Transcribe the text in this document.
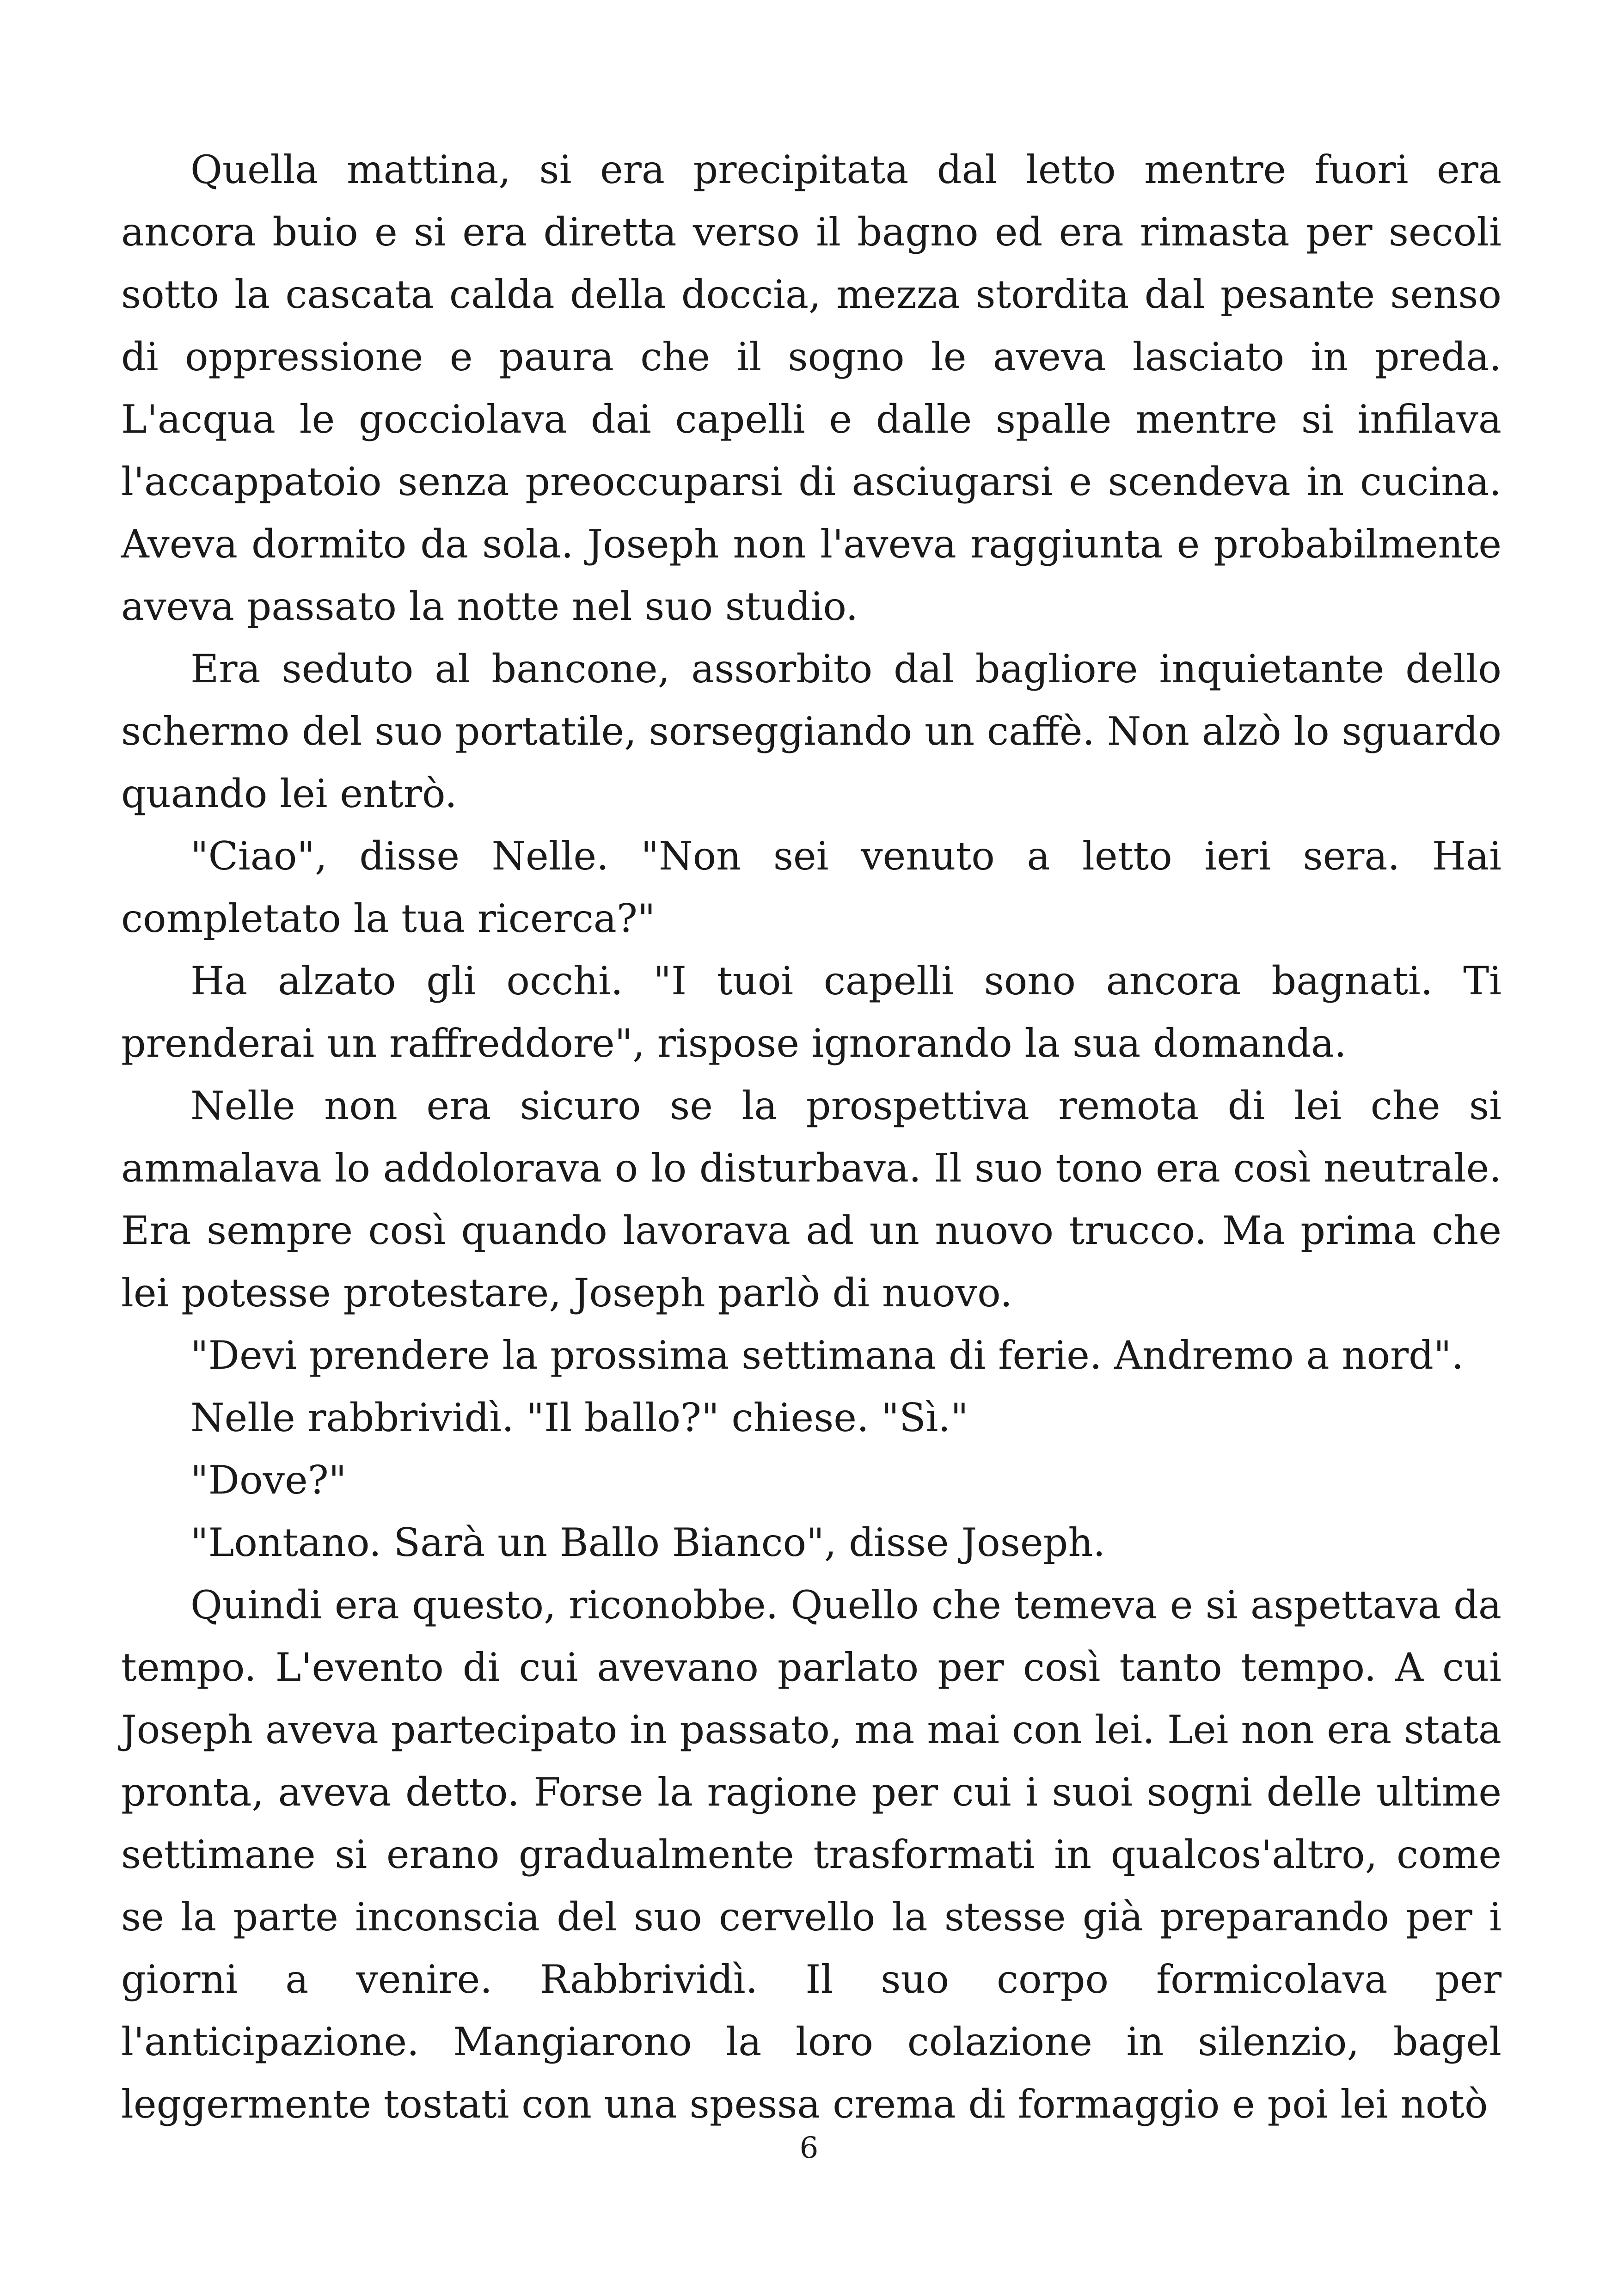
Quella mattina, si era precipitata dal letto mentre fuori era ancora buio e si era diretta verso il bagno ed era rimasta per secoli sotto la cascata calda della doccia, mezza stordita dal pesante senso di oppressione e paura che il sogno le aveva lasciato in preda. L'acqua le gocciolava dai capelli e dalle spalle mentre si infilava l'accappatoio senza preoccuparsi di asciugarsi e scendeva in cucina. Aveva dormito da sola. Joseph non l'aveva raggiunta e probabilmente aveva passato la notte nel suo studio.

Era seduto al bancone, assorbito dal bagliore inquietante dello schermo del suo portatile, sorseggiando un caffè. Non alzò lo sguardo quando lei entrò.

"Ciao", disse Nelle. "Non sei venuto a letto ieri sera. Hai completato la tua ricerca?"

Ha alzato gli occhi. "I tuoi capelli sono ancora bagnati. Ti prenderai un raffreddore", rispose ignorando la sua domanda.

Nelle non era sicuro se la prospettiva remota di lei che si ammalava lo addolorava o lo disturbava. Il suo tono era così neutrale. Era sempre così quando lavorava ad un nuovo trucco. Ma prima che lei potesse protestare, Joseph parlò di nuovo.

"Devi prendere la prossima settimana di ferie. Andremo a nord".

Nelle rabbrividì. "Il ballo?" chiese. "Sì."

"Dove?"

"Lontano. Sarà un Ballo Bianco", disse Joseph.

Quindi era questo, riconobbe. Quello che temeva e si aspettava da tempo. L'evento di cui avevano parlato per così tanto tempo. A cui Joseph aveva partecipato in passato, ma mai con lei. Lei non era stata pronta, aveva detto. Forse la ragione per cui i suoi sogni delle ultime settimane si erano gradualmente trasformati in qualcos'altro, come se la parte inconscia del suo cervello la stesse già preparando per i giorni a venire. Rabbrividì. Il suo corpo formicolava per l'anticipazione. Mangiarono la loro colazione in silenzio, bagel leggermente tostati con una spessa crema di formaggio e poi lei notò

6
